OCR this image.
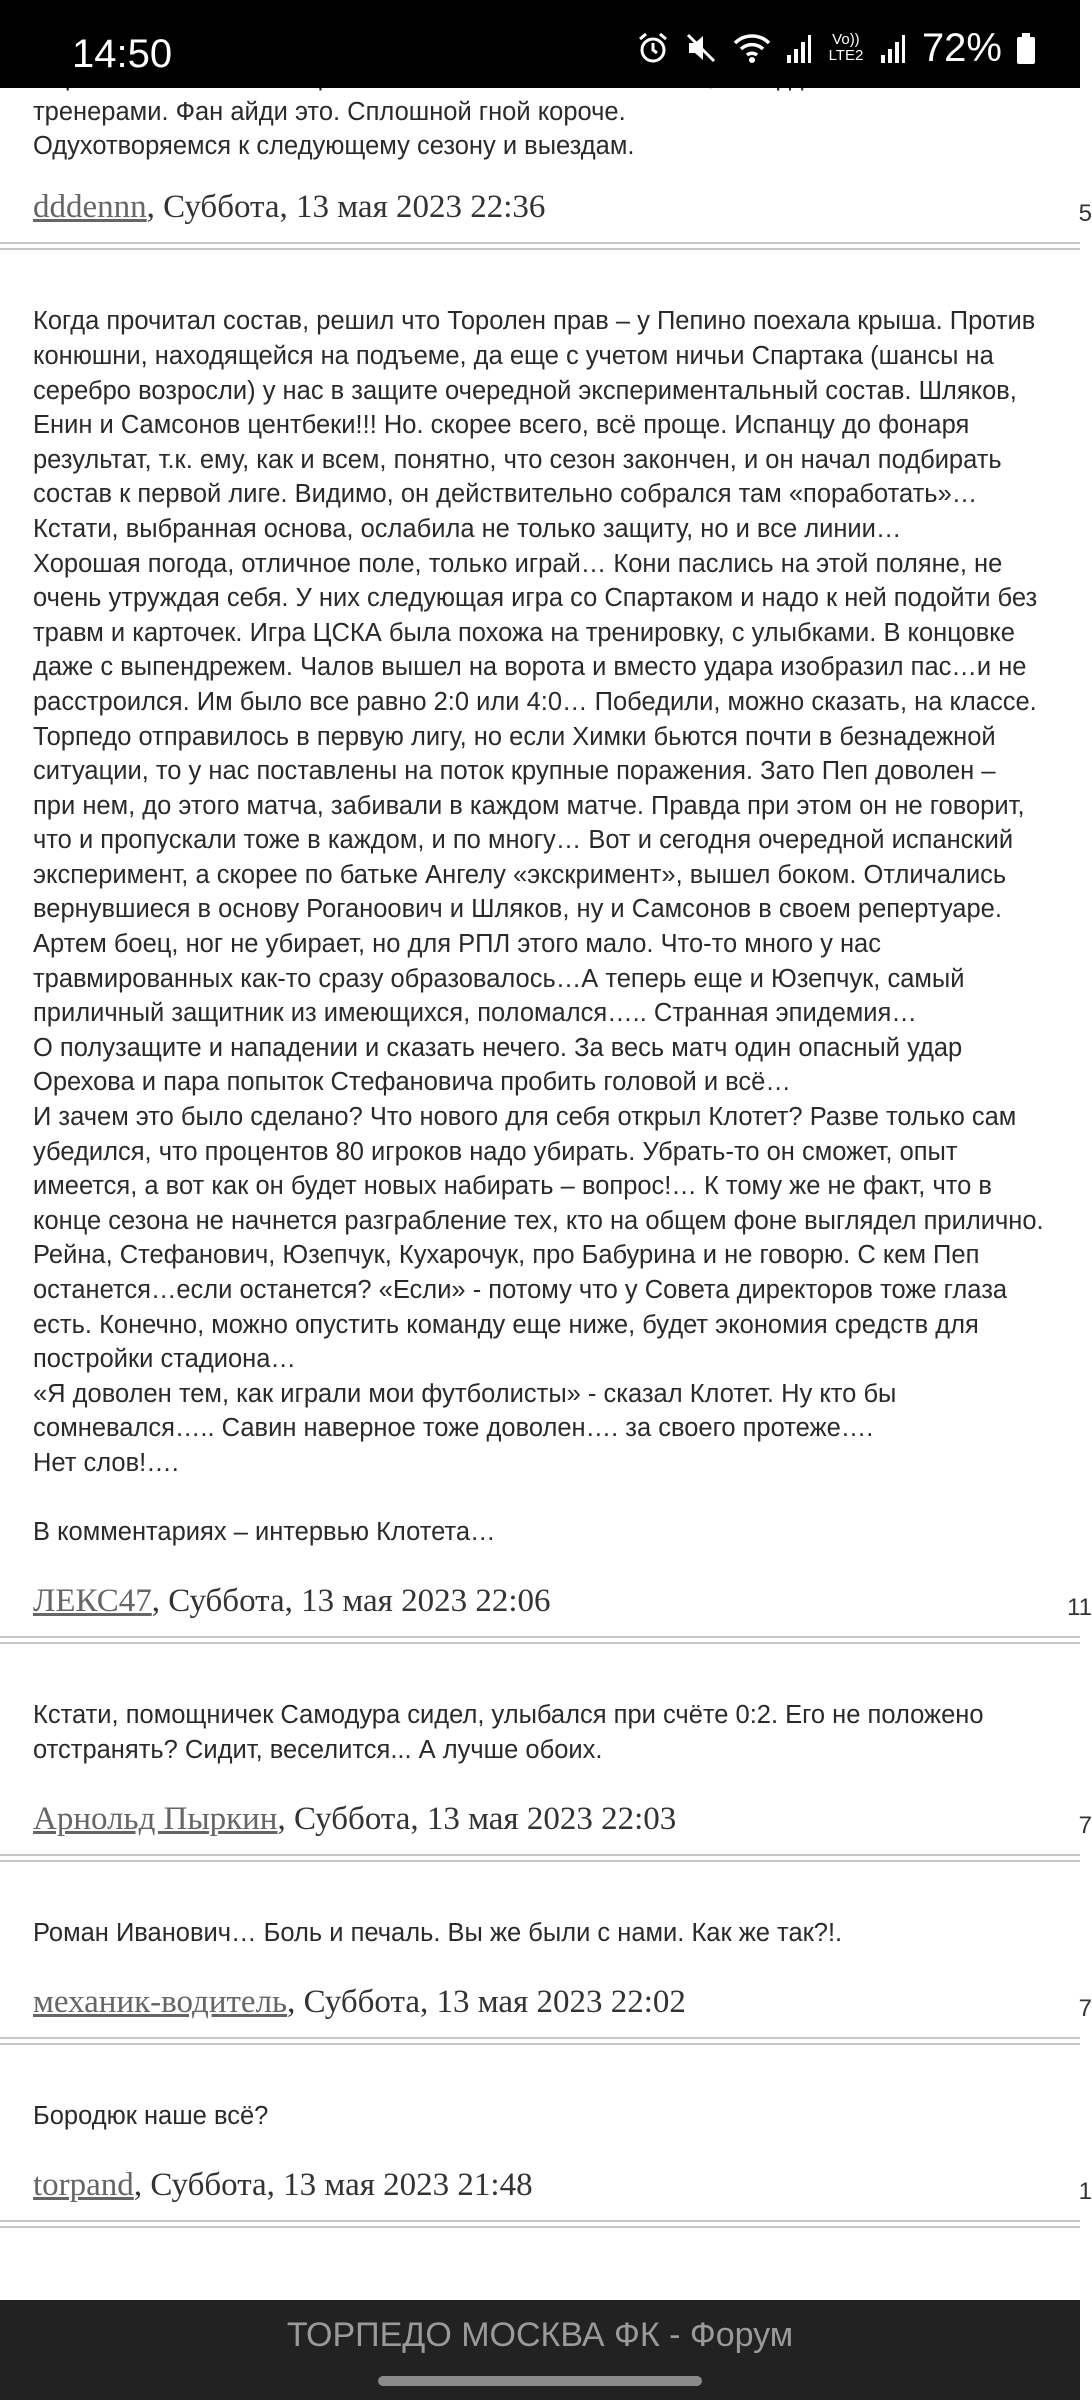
14:50	Vo)) LTE2 72%
тренерами. Фан айди это. Сплошной гной короче.
Одухотворяемся к следующему сезону и выездам.
dddennn , Суббота, 13 мая 2023 22:36	5

Когда прочитал состав, решил что Торолен прав – у Пепино поехала крыша. Против
конюшни, находящейся на подъеме, да еще с учетом ничьи Спартака (шансы на
серебро возросли) у нас в защите очередной экспериментальный состав. Шляков,
Енин и Самсонов центбеки!!! Но. скорее всего, всё проще. Испанцу до фонаря
результат, т.к. ему, как и всем, понятно, что сезон закончен, и он начал подбирать
состав к первой лиге. Видимо, он действительно собрался там «поработать»…
Кстати, выбранная основа, ослабила не только защиту, но и все линии…
Хорошая погода, отличное поле, только играй… Кони паслись на этой поляне, не
очень утруждая себя. У них следующая игра со Спартаком и надо к ней подойти без
травм и карточек. Игра ЦСКА была похожа на тренировку, с улыбками. В концовке
даже с выпендрежем. Чалов вышел на ворота и вместо удара изобразил пас…и не
расстроился. Им было все равно 2:0 или 4:0… Победили, можно сказать, на классе.
Торпедо отправилось в первую лигу, но если Химки бьются почти в безнадежной
ситуации, то у нас поставлены на поток крупные поражения. Зато Пеп доволен –
при нем, до этого матча, забивали в каждом матче. Правда при этом он не говорит,
что и пропускали тоже в каждом, и по многу… Вот и сегодня очередной испанский
эксперимент, а скорее по батьке Ангелу «экскримент», вышел боком. Отличались
вернувшиеся в основу Роганоович и Шляков, ну и Самсонов в своем репертуаре.
Артем боец, ног не убирает, но для РПЛ этого мало. Что-то много у нас
травмированных как-то сразу образовалось…А теперь еще и Юзепчук, самый
приличный защитник из имеющихся, поломался….. Странная эпидемия…
О полузащите и нападении и сказать нечего. За весь матч один опасный удар
Орехова и пара попыток Стефановича пробить головой и всё…
И зачем это было сделано? Что нового для себя открыл Клотет? Разве только сам
убедился, что процентов 80 игроков надо убирать. Убрать-то он сможет, опыт
имеется, а вот как он будет новых набирать – вопрос!… К тому же не факт, что в
конце сезона не начнется разграбление тех, кто на общем фоне выглядел прилично.
Рейна, Стефанович, Юзепчук, Кухарочук, про Бабурина и не говорю. С кем Пеп
останется…если останется? «Если» - потому что у Совета директоров тоже глаза
есть. Конечно, можно опустить команду еще ниже, будет экономия средств для
постройки стадиона…
«Я доволен тем, как играли мои футболисты» - сказал Клотет. Ну кто бы
сомневался….. Савин наверное тоже доволен…. за своего протеже….
Нет слов!….

В комментариях – интервью Клотета…
ЛЕКС47 , Суббота, 13 мая 2023 22:06	11

Кстати, помощничек Самодура сидел, улыбался при счёте 0:2. Его не положено
отстранять? Сидит, веселится... А лучше обоих.
Арнольд Пыркин , Суббота, 13 мая 2023 22:03	7

Роман Иванович… Боль и печаль. Вы же были с нами. Как же так?!.
механик-водитель , Суббота, 13 мая 2023 22:02	7

Бородюк наше всё?
torpand , Суббота, 13 мая 2023 21:48	1
ТОРПЕДО МОСКВА ФК - Форум
